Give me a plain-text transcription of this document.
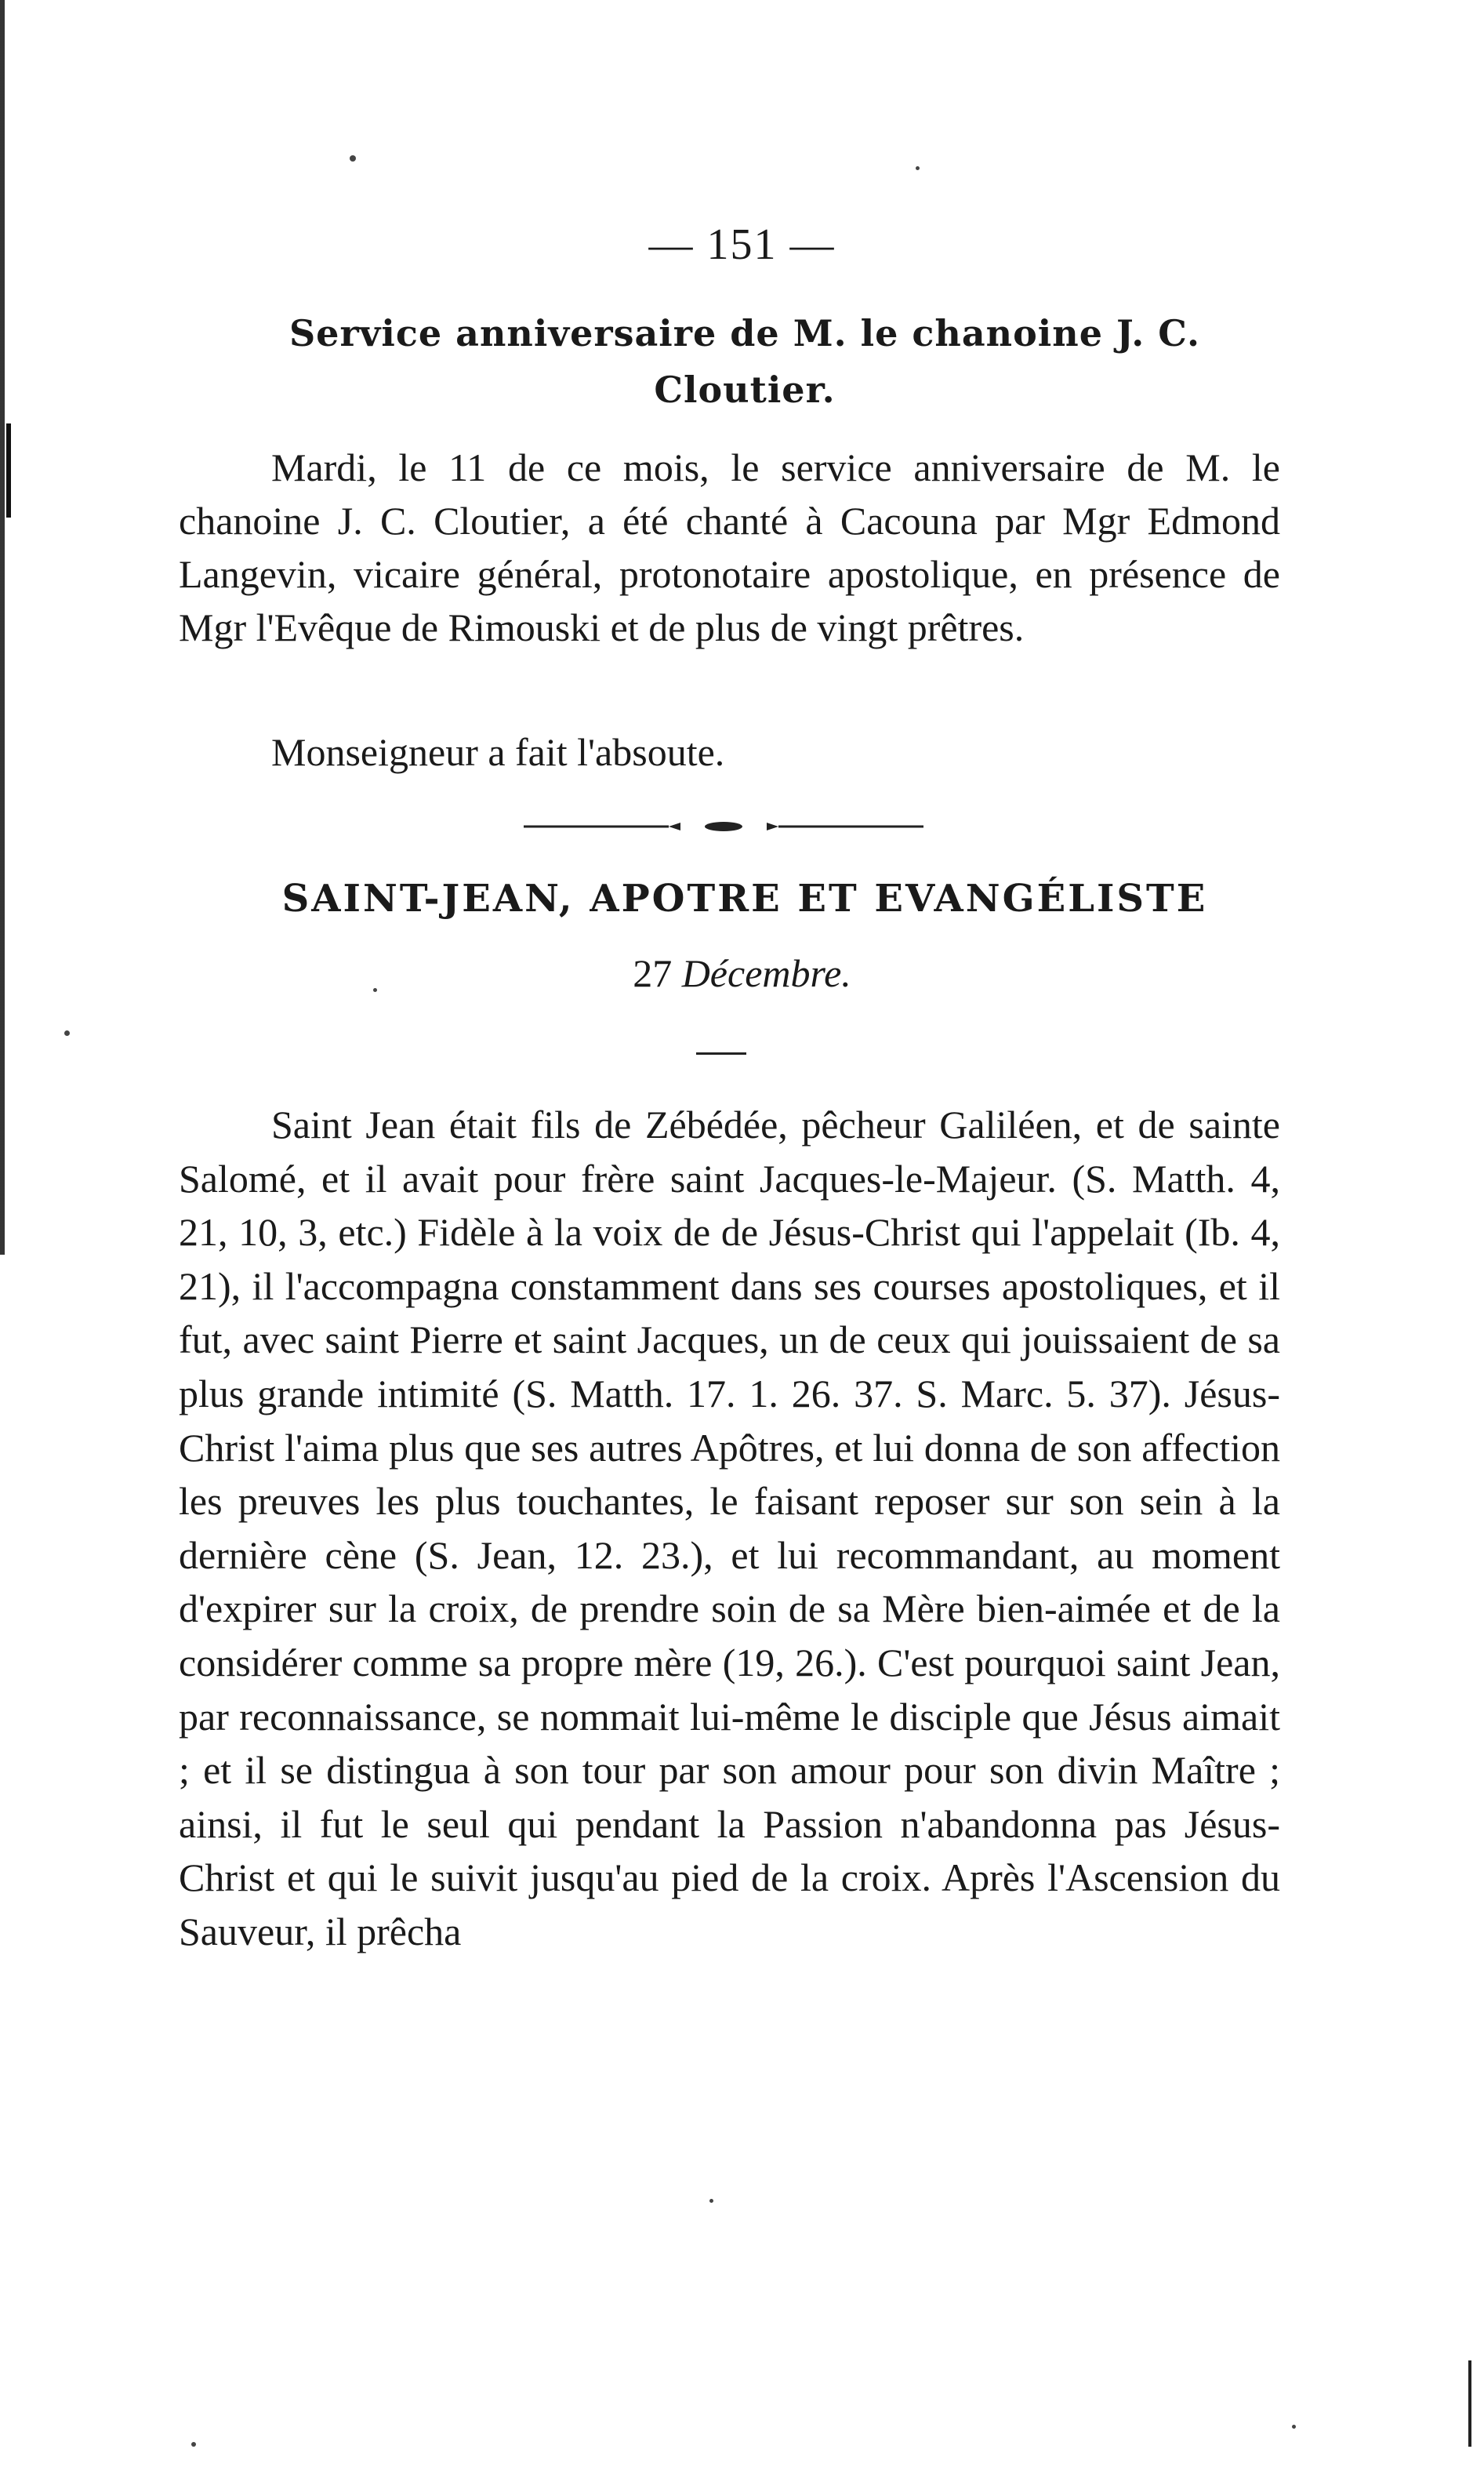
— 151 —
Service anniversaire de M. le chanoine J. C.
Cloutier.

Mardi, le 11 de ce mois, le service anniversaire de M. le chanoine J. C. Cloutier, a été chanté à Cacouna par Mgr Edmond Langevin, vicaire général, protonotaire apostolique, en présence de Mgr l'Evêque de Rimouski et de plus de vingt prêtres.

Monseigneur a fait l'absoute.

SAINT-JEAN, APOTRE ET EVANGÉLISTE
27 Décembre.

Saint Jean était fils de Zébédée, pêcheur Galiléen, et de sainte Salomé, et il avait pour frère saint Jacques-le-Majeur. (S. Matth. 4, 21, 10, 3, etc.) Fidèle à la voix de de Jésus-Christ qui l'appelait (Ib. 4, 21), il l'accompagna constamment dans ses courses apostoliques, et il fut, avec saint Pierre et saint Jacques, un de ceux qui jouissaient de sa plus grande intimité (S. Matth. 17. 1. 26. 37. S. Marc. 5. 37). Jésus-Christ l'aima plus que ses autres Apôtres, et lui donna de son affection les preuves les plus touchantes, le faisant reposer sur son sein à la dernière cène (S. Jean, 12. 23.), et lui recommandant, au moment d'expirer sur la croix, de prendre soin de sa Mère bien-aimée et de la considérer comme sa propre mère (19, 26.). C'est pourquoi saint Jean, par reconnaissance, se nommait lui-même le disciple que Jésus aimait ; et il se distingua à son tour par son amour pour son divin Maître ; ainsi, il fut le seul qui pendant la Passion n'abandonna pas Jésus-Christ et qui le suivit jusqu'au pied de la croix. Après l'Ascension du Sauveur, il prêcha
